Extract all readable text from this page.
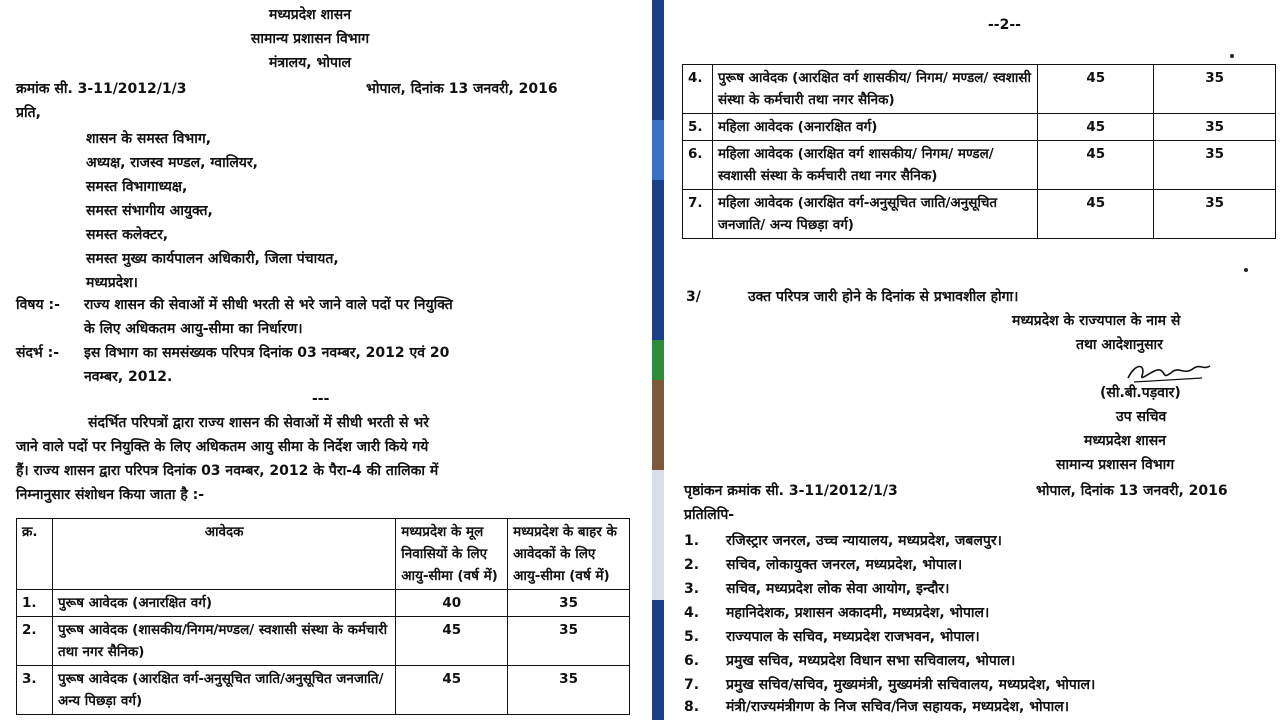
मध्यप्रदेश शासन
सामान्य प्रशासन विभाग
मंत्रालय, भोपाल
क्रमांक सी. 3-11/2012/1/3	भोपाल, दिनांक 13 जनवरी, 2016
प्रति,
शासन के समस्त विभाग,
अध्यक्ष, राजस्व मण्डल, ग्वालियर,
समस्त विभागाध्यक्ष,
समस्त संभागीय आयुक्त,
समस्त कलेक्टर,
समस्त मुख्य कार्यपालन अधिकारी, जिला पंचायत,
मध्यप्रदेश।
विषय :- राज्य शासन की सेवाओं में सीधी भरती से भरे जाने वाले पदों पर नियुक्ति
के लिए अधिकतम आयु-सीमा का निर्धारण।
संदर्भ :- इस विभाग का समसंख्यक परिपत्र दिनांक 03 नवम्बर, 2012 एवं 20
नवम्बर, 2012.
---
संदर्भित परिपत्रों द्वारा राज्य शासन की सेवाओं में सीधी भरती से भरे
जाने वाले पदों पर नियुक्ति के लिए अधिकतम आयु सीमा के निर्देश जारी किये गये
हैं। राज्य शासन द्वारा परिपत्र दिनांक 03 नवम्बर, 2012 के पैरा-4 की तालिका में
निम्नानुसार संशोधन किया जाता है :-
क्र.	आवेदक	मध्यप्रदेश के मूल निवासियों के लिए आयु-सीमा (वर्ष में)	मध्यप्रदेश के बाहर के आवेदकों के लिए आयु-सीमा (वर्ष में)
1.	पुरूष आवेदक (अनारक्षित वर्ग)	40	35
2.	पुरूष आवेदक (शासकीय/निगम/मण्डल/ स्वशासी संस्था के कर्मचारी तथा नगर सैनिक)	45	35
3.	पुरूष आवेदक (आरक्षित वर्ग-अनुसूचित जाति/अनुसूचित जनजाति/अन्य पिछड़ा वर्ग)	45	35
--2--
4.	पुरूष आवेदक (आरक्षित वर्ग शासकीय/ निगम/ मण्डल/ स्वशासी संस्था के कर्मचारी तथा नगर सैनिक)	45	35
5.	महिला आवेदक (अनारक्षित वर्ग)	45	35
6.	महिला आवेदक (आरक्षित वर्ग शासकीय/ निगम/ मण्डल/ स्वशासी संस्था के कर्मचारी तथा नगर सैनिक)	45	35
7.	महिला आवेदक (आरक्षित वर्ग-अनुसूचित जाति/अनुसूचित जनजाति/ अन्य पिछड़ा वर्ग)	45	35
3/	उक्त परिपत्र जारी होने के दिनांक से प्रभावशील होगा।
मध्यप्रदेश के राज्यपाल के नाम से
तथा आदेशानुसार
(सी.बी.पड़वार)
उप सचिव
मध्यप्रदेश शासन
सामान्य प्रशासन विभाग
पृष्ठांकन क्रमांक सी. 3-11/2012/1/3	भोपाल, दिनांक 13 जनवरी, 2016
प्रतिलिपि-
1. रजिस्ट्रार जनरल, उच्च न्यायालय, मध्यप्रदेश, जबलपुर।
2. सचिव, लोकायुक्त जनरल, मध्यप्रदेश, भोपाल।
3. सचिव, मध्यप्रदेश लोक सेवा आयोग, इन्दौर।
4. महानिदेशक, प्रशासन अकादमी, मध्यप्रदेश, भोपाल।
5. राज्यपाल के सचिव, मध्यप्रदेश राजभवन, भोपाल।
6. प्रमुख सचिव, मध्यप्रदेश विधान सभा सचिवालय, भोपाल।
7. प्रमुख सचिव/सचिव, मुख्यमंत्री, मुख्यमंत्री सचिवालय, मध्यप्रदेश, भोपाल।
8. मंत्री/राज्यमंत्रीगण के निज सचिव/निज सहायक, मध्यप्रदेश, भोपाल।
